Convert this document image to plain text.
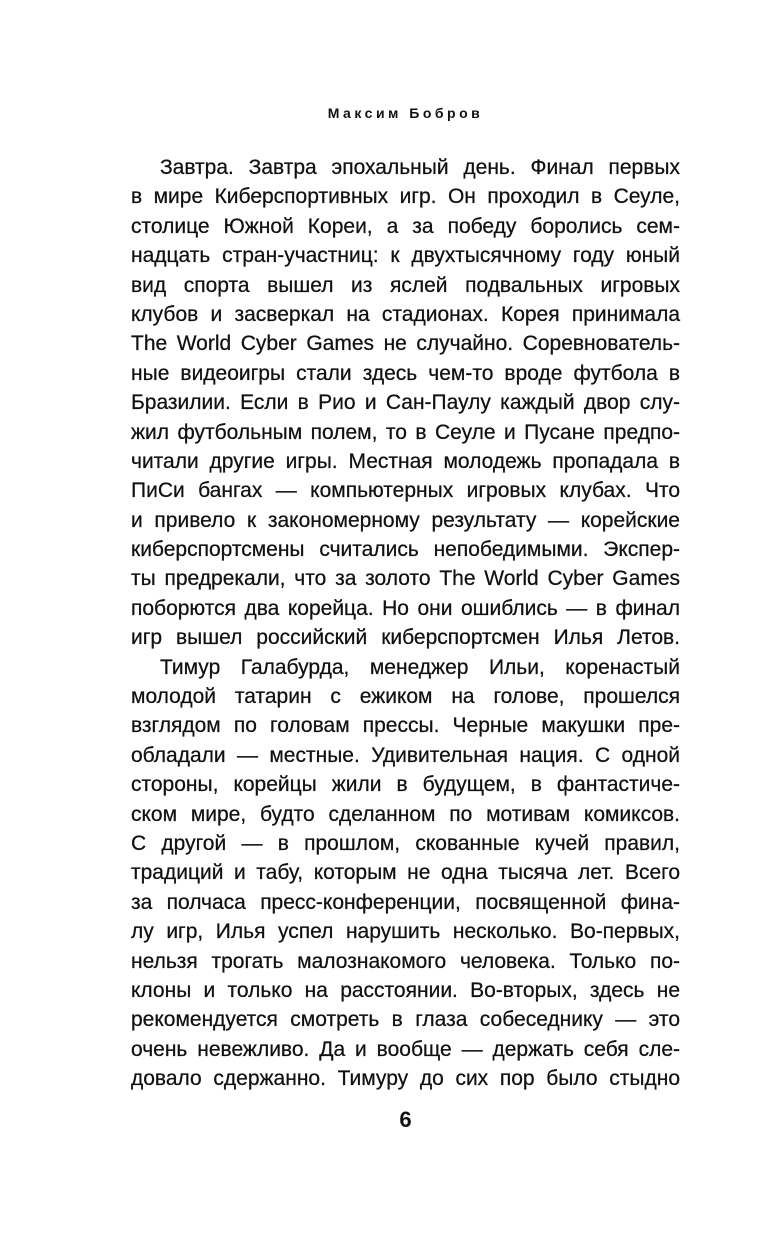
Максим Бобров
Завтра. Завтра эпохальный день. Финал первых
в мире Киберспортивных игр. Он проходил в Сеуле,
столице Южной Кореи, а за победу боролись сем-
надцать стран-участниц: к двухтысячному году юный
вид спорта вышел из яслей подвальных игровых
клубов и засверкал на стадионах. Корея принимала
The World Cyber Games не случайно. Соревнователь-
ные видеоигры стали здесь чем-то вроде футбола в
Бразилии. Если в Рио и Сан-Паулу каждый двор слу-
жил футбольным полем, то в Сеуле и Пусане предпо-
читали другие игры. Местная молодежь пропадала в
ПиСи бангах — компьютерных игровых клубах. Что
и привело к закономерному результату — корейские
киберспортсмены считались непобедимыми. Экспер-
ты предрекали, что за золото The World Cyber Games
поборются два корейца. Но они ошиблись — в финал
игр вышел российский киберспортсмен Илья Летов.
Тимур Галабурда, менеджер Ильи, коренастый
молодой татарин с ежиком на голове, прошелся
взглядом по головам прессы. Черные макушки пре-
обладали — местные. Удивительная нация. С одной
стороны, корейцы жили в будущем, в фантастиче-
ском мире, будто сделанном по мотивам комиксов.
С другой — в прошлом, скованные кучей правил,
традиций и табу, которым не одна тысяча лет. Всего
за полчаса пресс-конференции, посвященной фина-
лу игр, Илья успел нарушить несколько. Во-первых,
нельзя трогать малознакомого человека. Только по-
клоны и только на расстоянии. Во-вторых, здесь не
рекомендуется смотреть в глаза собеседнику — это
очень невежливо. Да и вообще — держать себя сле-
довало сдержанно. Тимуру до сих пор было стыдно
6
